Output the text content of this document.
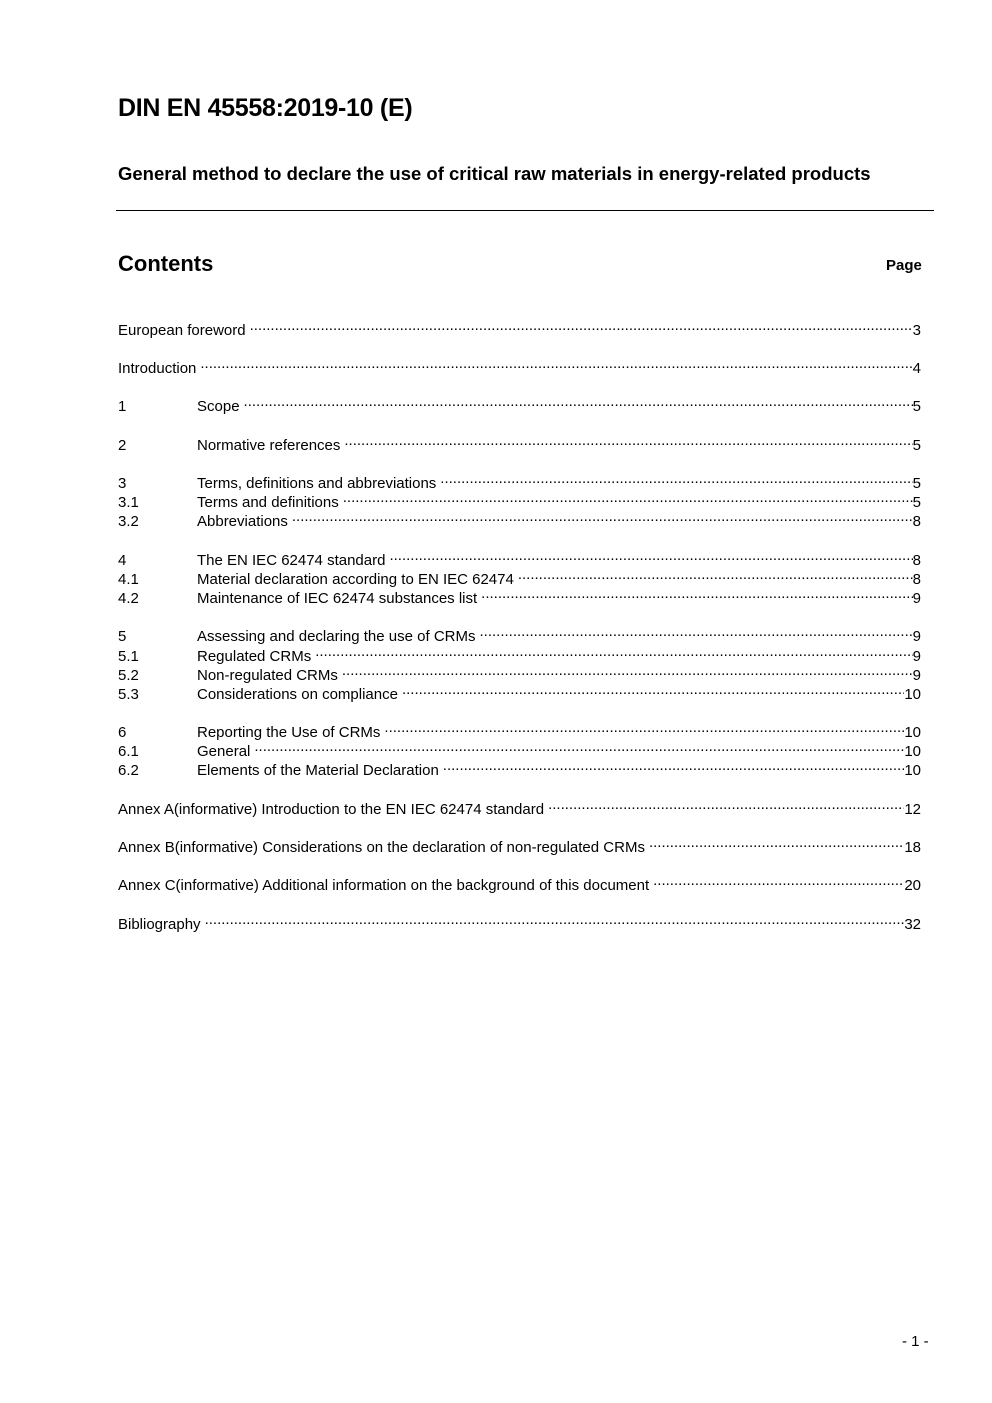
DIN EN 45558:2019-10 (E)
General method to declare the use of critical raw materials in energy-related products
Contents	Page
European foreword .....	3
Introduction .....	4
1	Scope .....	5
2	Normative references .....	5
3	Terms, definitions and abbreviations .....	5
3.1	Terms and definitions .....	5
3.2	Abbreviations .....	8
4	The EN IEC 62474 standard .....	8
4.1	Material declaration according to EN IEC 62474 .....	8
4.2	Maintenance of IEC 62474 substances list .....	9
5	Assessing and declaring the use of CRMs .....	9
5.1	Regulated CRMs .....	9
5.2	Non-regulated CRMs .....	9
5.3	Considerations on compliance .....	10
6	Reporting the Use of CRMs .....	10
6.1	General .....	10
6.2	Elements of the Material Declaration .....	10
Annex A(informative) Introduction to the EN IEC 62474 standard .....	12
Annex B(informative) Considerations on the declaration of non-regulated CRMs .....	18
Annex C(informative) Additional information on the background of this document .....	20
Bibliography .....	32
- 1 -
